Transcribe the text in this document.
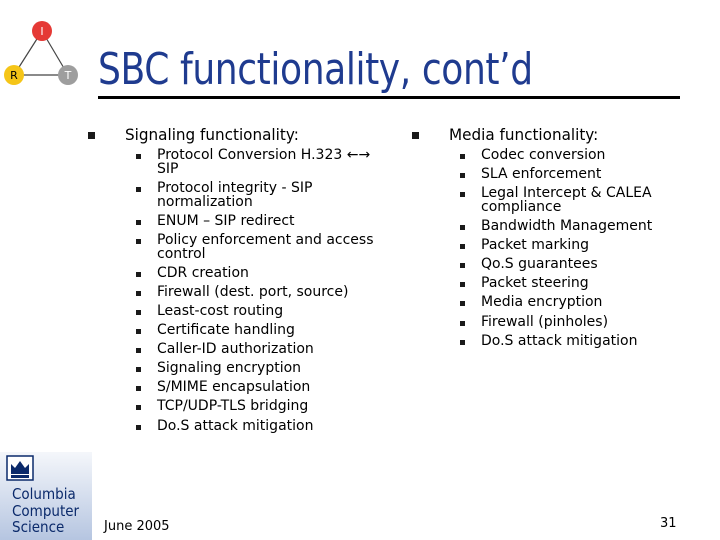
I
R	T SBC functionality, cont’d
Signaling functionality:
Protocol Conversion H.323 ←→ SIP
Protocol integrity - SIP normalization
ENUM – SIP redirect
Policy enforcement and access control
CDR creation
Firewall (dest. port, source)
Least-cost routing
Certificate handling
Caller-ID authorization
Signaling encryption
S/MIME encapsulation
TCP/UDP-TLS bridging
Do.S attack mitigation
Media functionality:
Codec conversion
SLA enforcement
Legal Intercept & CALEA compliance
Bandwidth Management
Packet marking
Qo.S guarantees
Packet steering
Media encryption
Firewall (pinholes)
Do.S attack mitigation
Columbia
Computer
Science	June 2005	31
